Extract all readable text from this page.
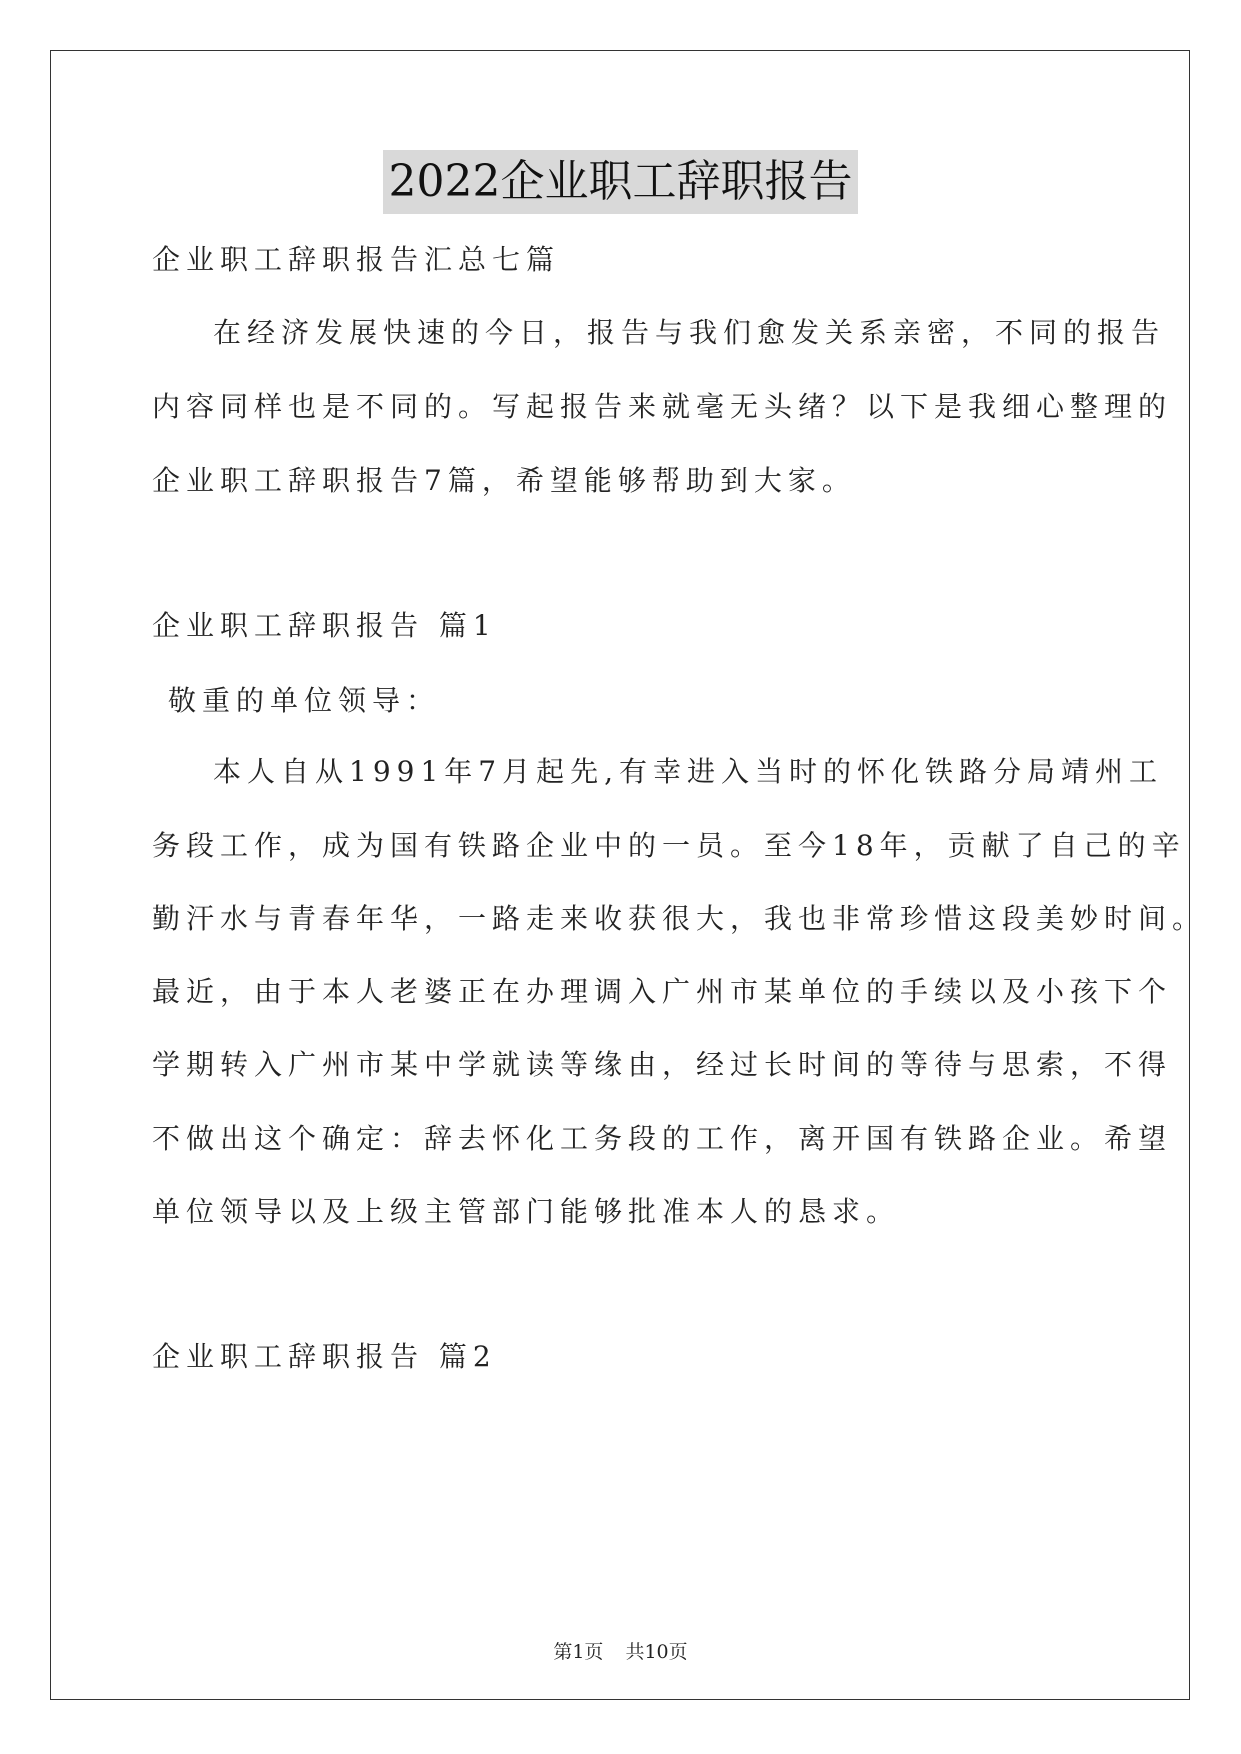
2022企业职工辞职报告
企业职工辞职报告汇总七篇
在经济发展快速的今日，报告与我们愈发关系亲密，不同的报告
内容同样也是不同的。写起报告来就毫无头绪？以下是我细心整理的
企业职工辞职报告7篇，希望能够帮助到大家。
企业职工辞职报告 篇1
敬重的单位领导：
本人自从1991年7月起先,有幸进入当时的怀化铁路分局靖州工
务段工作，成为国有铁路企业中的一员。至今18年，贡献了自己的辛
勤汗水与青春年华，一路走来收获很大，我也非常珍惜这段美妙时间。
最近，由于本人老婆正在办理调入广州市某单位的手续以及小孩下个
学期转入广州市某中学就读等缘由，经过长时间的等待与思索，不得
不做出这个确定：辞去怀化工务段的工作，离开国有铁路企业。希望
单位领导以及上级主管部门能够批准本人的恳求。
企业职工辞职报告 篇2
第1页 共10页
